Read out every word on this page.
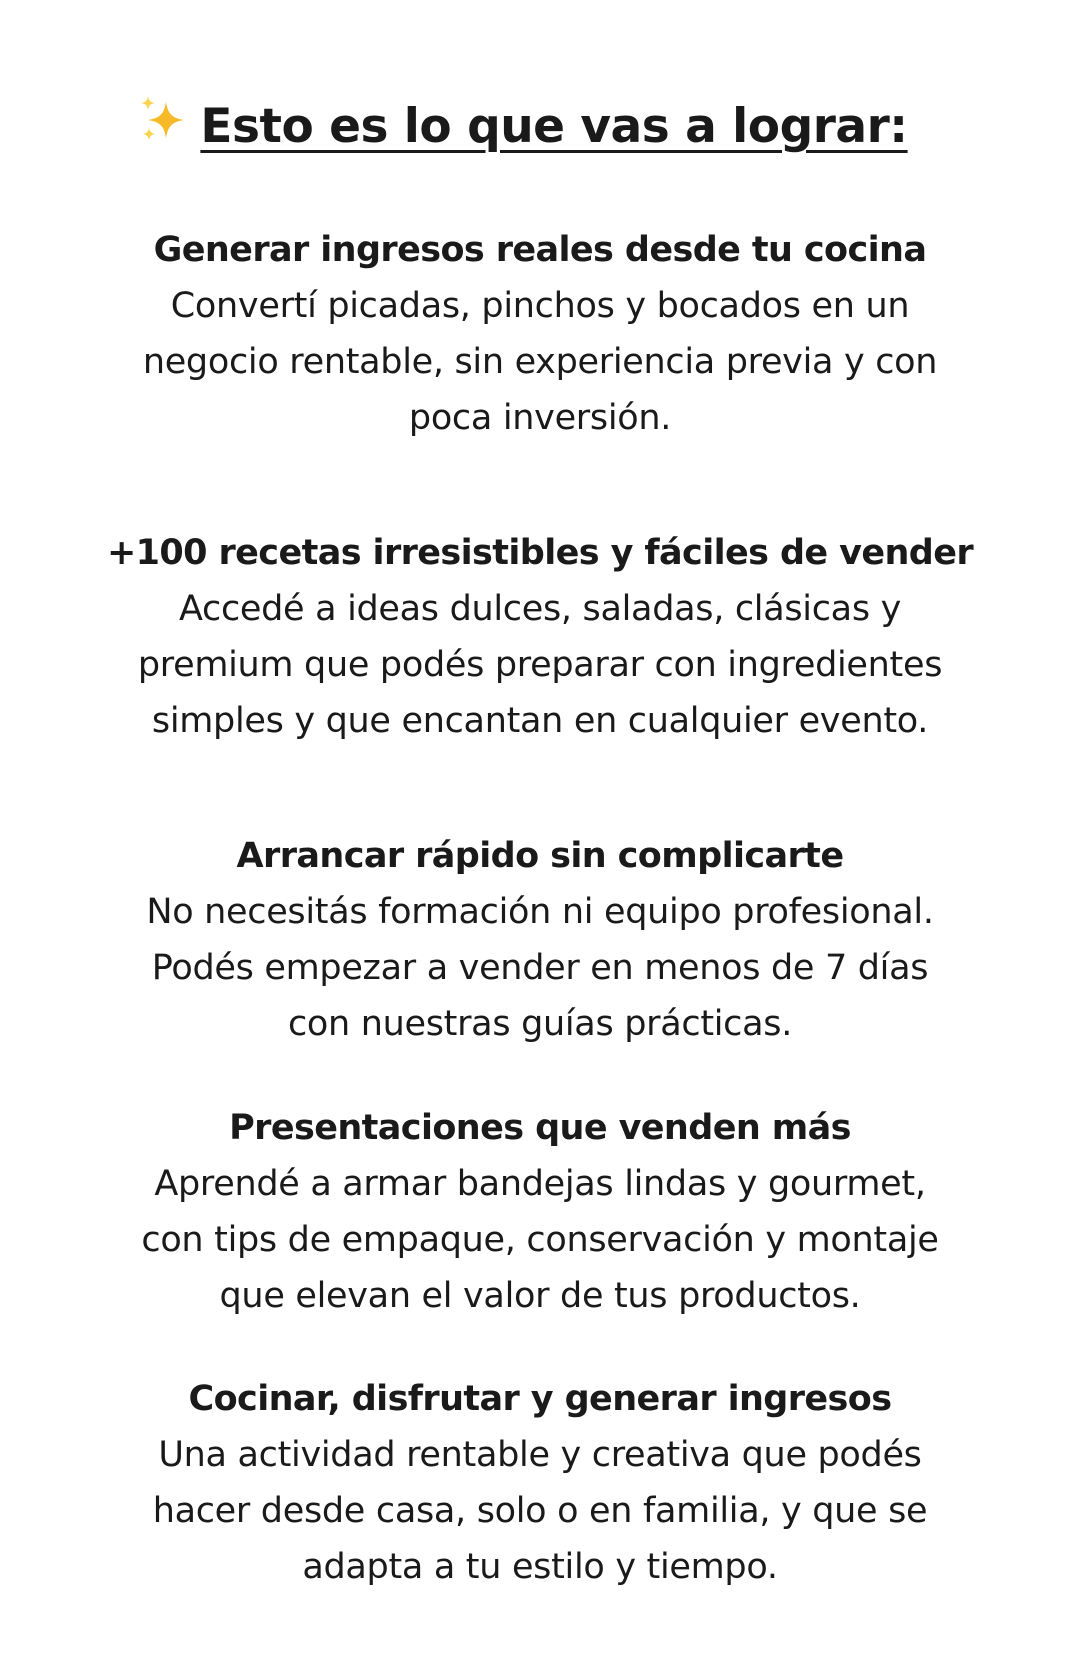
Esto es lo que vas a lograr:
Generar ingresos reales desde tu cocina
Convertí picadas, pinchos y bocados en un
negocio rentable, sin experiencia previa y con
poca inversión.
+100 recetas irresistibles y fáciles de vender
Accedé a ideas dulces, saladas, clásicas y
premium que podés preparar con ingredientes
simples y que encantan en cualquier evento.
Arrancar rápido sin complicarte
No necesitás formación ni equipo profesional.
Podés empezar a vender en menos de 7 días
con nuestras guías prácticas.
Presentaciones que venden más
Aprendé a armar bandejas lindas y gourmet,
con tips de empaque, conservación y montaje
que elevan el valor de tus productos.
Cocinar, disfrutar y generar ingresos
Una actividad rentable y creativa que podés
hacer desde casa, solo o en familia, y que se
adapta a tu estilo y tiempo.
